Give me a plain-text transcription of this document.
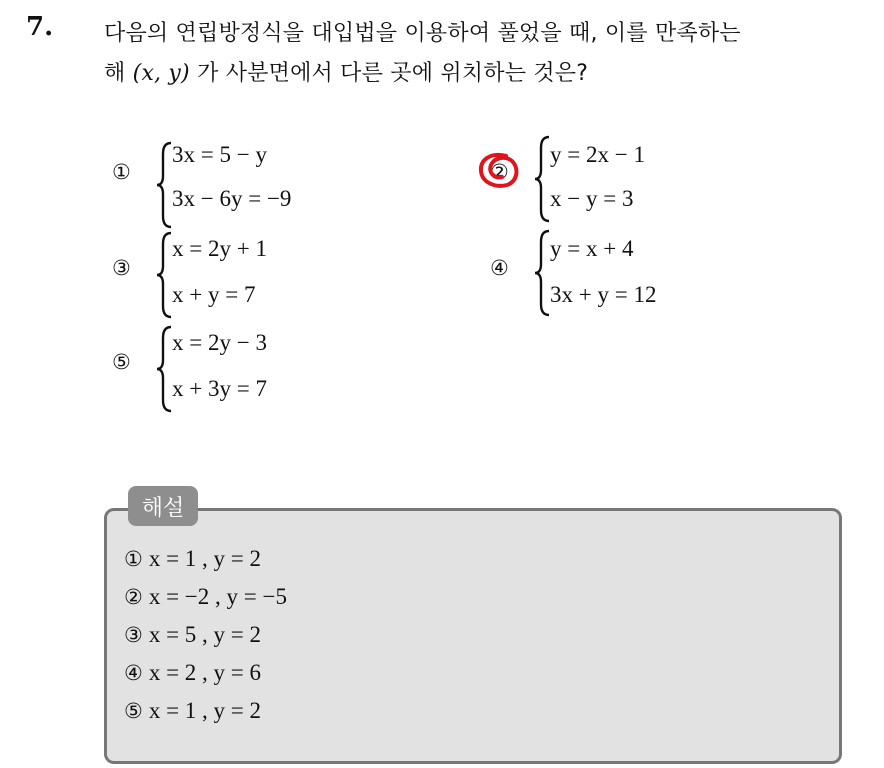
7. 다음의 연립방정식을 대입법을 이용하여 풀었을 때, 이를 만족하는
해 (x, y) 가 사분면에서 다른 곳에 위치하는 것은?
①
3x = 5 − y
3x − 6y = −9
②
y = 2x − 1
x − y = 3
③
x = 2y + 1
x + y = 7
④
y = x + 4
3x + y = 12
⑤
x = 2y − 3
x + 3y = 7
해설
① x = 1 , y = 2
② x = −2 , y = −5
③ x = 5 , y = 2
④ x = 2 , y = 6
⑤ x = 1 , y = 2
